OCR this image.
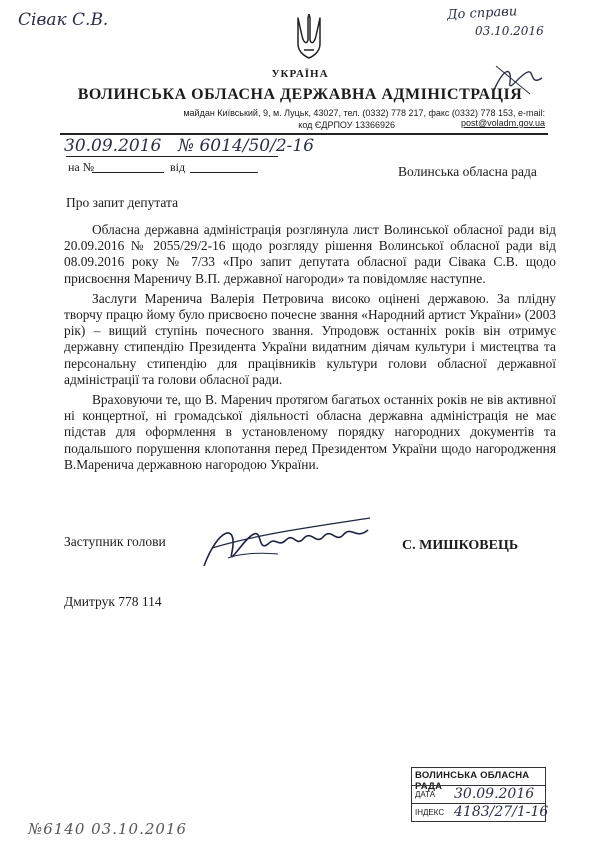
Сівак С.В.	До справи
03.10.2016
УКРАЇНА
ВОЛИНСЬКА ОБЛАСНА ДЕРЖАВНА АДМІНІСТРАЦІЯ
майдан Київський, 9, м. Луцьк, 43027, тел. (0332) 778 217, факс (0332) 778 153, e-mail: post@voladm.gov.ua
код ЄДРПОУ 13366926
30.09.2016 № 6014/50/2-16
на №	від	Волинська обласна рада
Про запит депутата

Обласна державна адміністрація розглянула лист Волинської обласної ради від 20.09.2016 № 2055/29/2-16 щодо розгляду рішення Волинської обласної ради від 08.09.2016 року № 7/33 «Про запит депутата обласної ради Сівака С.В. щодо присвоєння Мареничу В.П. державної нагороди» та повідомляє наступне.

Заслуги Маренича Валерія Петровича високо оцінені державою. За плідну творчу працю йому було присвоєно почесне звання «Народний артист України» (2003 рік) – вищий ступінь почесного звання. Упродовж останніх років він отримує державну стипендію Президента України видатним діячам культури і мистецтва та персональну стипендію для працівників культури голови обласної державної адміністрації та голови обласної ради.

Враховуючи те, що В. Маренич протягом багатьох останніх років не вів активної ні концертної, ні громадської діяльності обласна державна адміністрація не має підстав для оформлення в установленому порядку нагородних документів та подальшого порушення клопотання перед Президентом України щодо нагородження В.Маренича державною нагородою України.

Заступник голови	С. МИШКОВЕЦЬ
Дмитрук 778 114
ВОЛИНСЬКА ОБЛАСНА РАДА
ДАТА 30.09.2016
ІНДЕКС 4183/27/1-16
№6140 03.10.2016
